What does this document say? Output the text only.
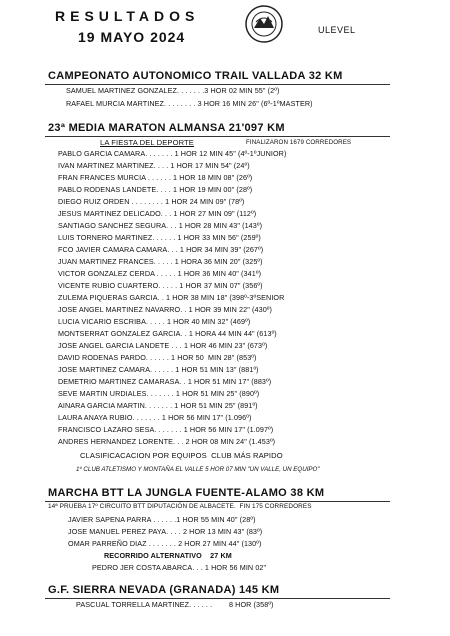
RESULTADOS
19 MAYO 2024	ULEVEL
CAMPEONATO AUTONOMICO TRAIL VALLADA 32 KM
SAMUEL MARTINEZ GONZALEZ. . . . . . .3 HOR 02 MIN 55" (2º)
RAFAEL MURCIA MARTINEZ. . . . . . . . 3 HOR 16 MIN 26" (6º-1ºMASTER)
23ª MEDIA MARATON ALMANSA 21'097 KM
LA FIESTA DEL DEPORTE	FINALIZARON 1679 CORREDORES
PABLO GARCIA CAMARA. . . . . . . 1 HOR 12 MIN 45" (4º-1ºJUNIOR)
IVAN MARTINEZ MARTINEZ. . . . 1 HOR 17 MIN 54" (24º)
FRAN FRANCES MURCIA . . . . . . 1 HOR 18 MIN 08" (26º)
PABLO RODENAS LANDETE. . . . 1 HOR 19 MIN 00" (28º)
DIEGO RUIZ ORDEN . . . . . . . . 1 HOR 24 MIN 09" (78º)
JESUS MARTINEZ DELICADO. . . 1 HOR 27 MIN 09" (112º)
SANTIAGO SANCHEZ SEGURA. . . 1 HOR 28 MIN 43" (143º)
LUIS TORNERO MARTINEZ. . . . . . 1 HOR 33 MIN 56" (259º)
FCO JAVIER CAMARA CAMARA. . . 1 HOR 34 MIN 39" (267º)
JUAN MARTINEZ FRANCES. . . . . 1 HORA 36 MIN 20" (325º)
VICTOR GONZALEZ CERDA . . . . . 1 HOR 36 MIN 40" (341º)
VICENTE RUBIO CUARTERO. . . . . 1 HOR 37 MIN 07" (356º)
ZULEMA PIQUERAS GARCIA. . 1 HOR 38 MIN 18" (398º-3ºSENIOR
JOSE ANGEL MARTINEZ NAVARRO. . 1 HOR 39 MIN 22" (430º)
LUCIA VICARIO ESCRIBA. . . . . 1 HOR 40 MIN 32" (469º)
MONTSERRAT GONZALEZ GARCIA. . 1 HORA 44 MIN 44" (613º)
JOSE ANGEL GARCIA LANDETE . . . 1 HOR 46 MIN 23" (673º)
DAVID RODENAS PARDO. . . . . . 1 HOR 50  MIN 28" (853º)
JOSE MARTINEZ CAMARA. . . . . . 1 HOR 51 MIN 13" (881º)
DEMETRIO MARTINEZ CAMARASA. . 1 HOR 51 MIN 17" (883º)
SEVE MARTIN URDIALES. . . . . . . 1 HOR 51 MIN 25" (890º)
AINARA GARCIA MARTIN. . . . . . . 1 HOR 51 MIN 25" (891º)
LAURA ANAYA RUBIO. . . . . . . 1 HOR 56 MIN 17" (1.096º)
FRANCISCO LAZARO SESA. . . . . . . 1 HOR 56 MIN 17" (1.097º)
ANDRES HERNANDEZ LORENTE. . . 2 HOR 08 MIN 24" (1.453º)
CLASIFICACACION POR EQUIPOS  CLUB MÁS RAPIDO
1º CLUB ATLETISMO Y MONTAÑA EL VALLE 5 HOR 07 MIN "UN VALLE, UN EQUIPO"
MARCHA BTT LA JUNGLA FUENTE-ALAMO 38 KM
14ª PRUEBA 17º CIRCUITO BTT DIPUTACIÓN DE ALBACETE.  FIN 175 CORREDORES
JAVIER SAPENA PARRA . . . . . .1 HOR 55 MIN 40" (28º)
JOSE MANUEL PEREZ PAYA. . . . 2 HOR 13 MIN 43" (83º)
OMAR PARREÑO DIAZ . . . . . . . 2 HOR 27 MIN 44" (130º)
RECORRIDO ALTERNATIVO    27 KM
PEDRO JER COSTA ABARCA. . . 1 HOR 56 MIN 02"
G.F. SIERRA NEVADA (GRANADA) 145 KM
PASCUAL TORRELLA MARTINEZ. . . . . .        8 HOR (358º)
